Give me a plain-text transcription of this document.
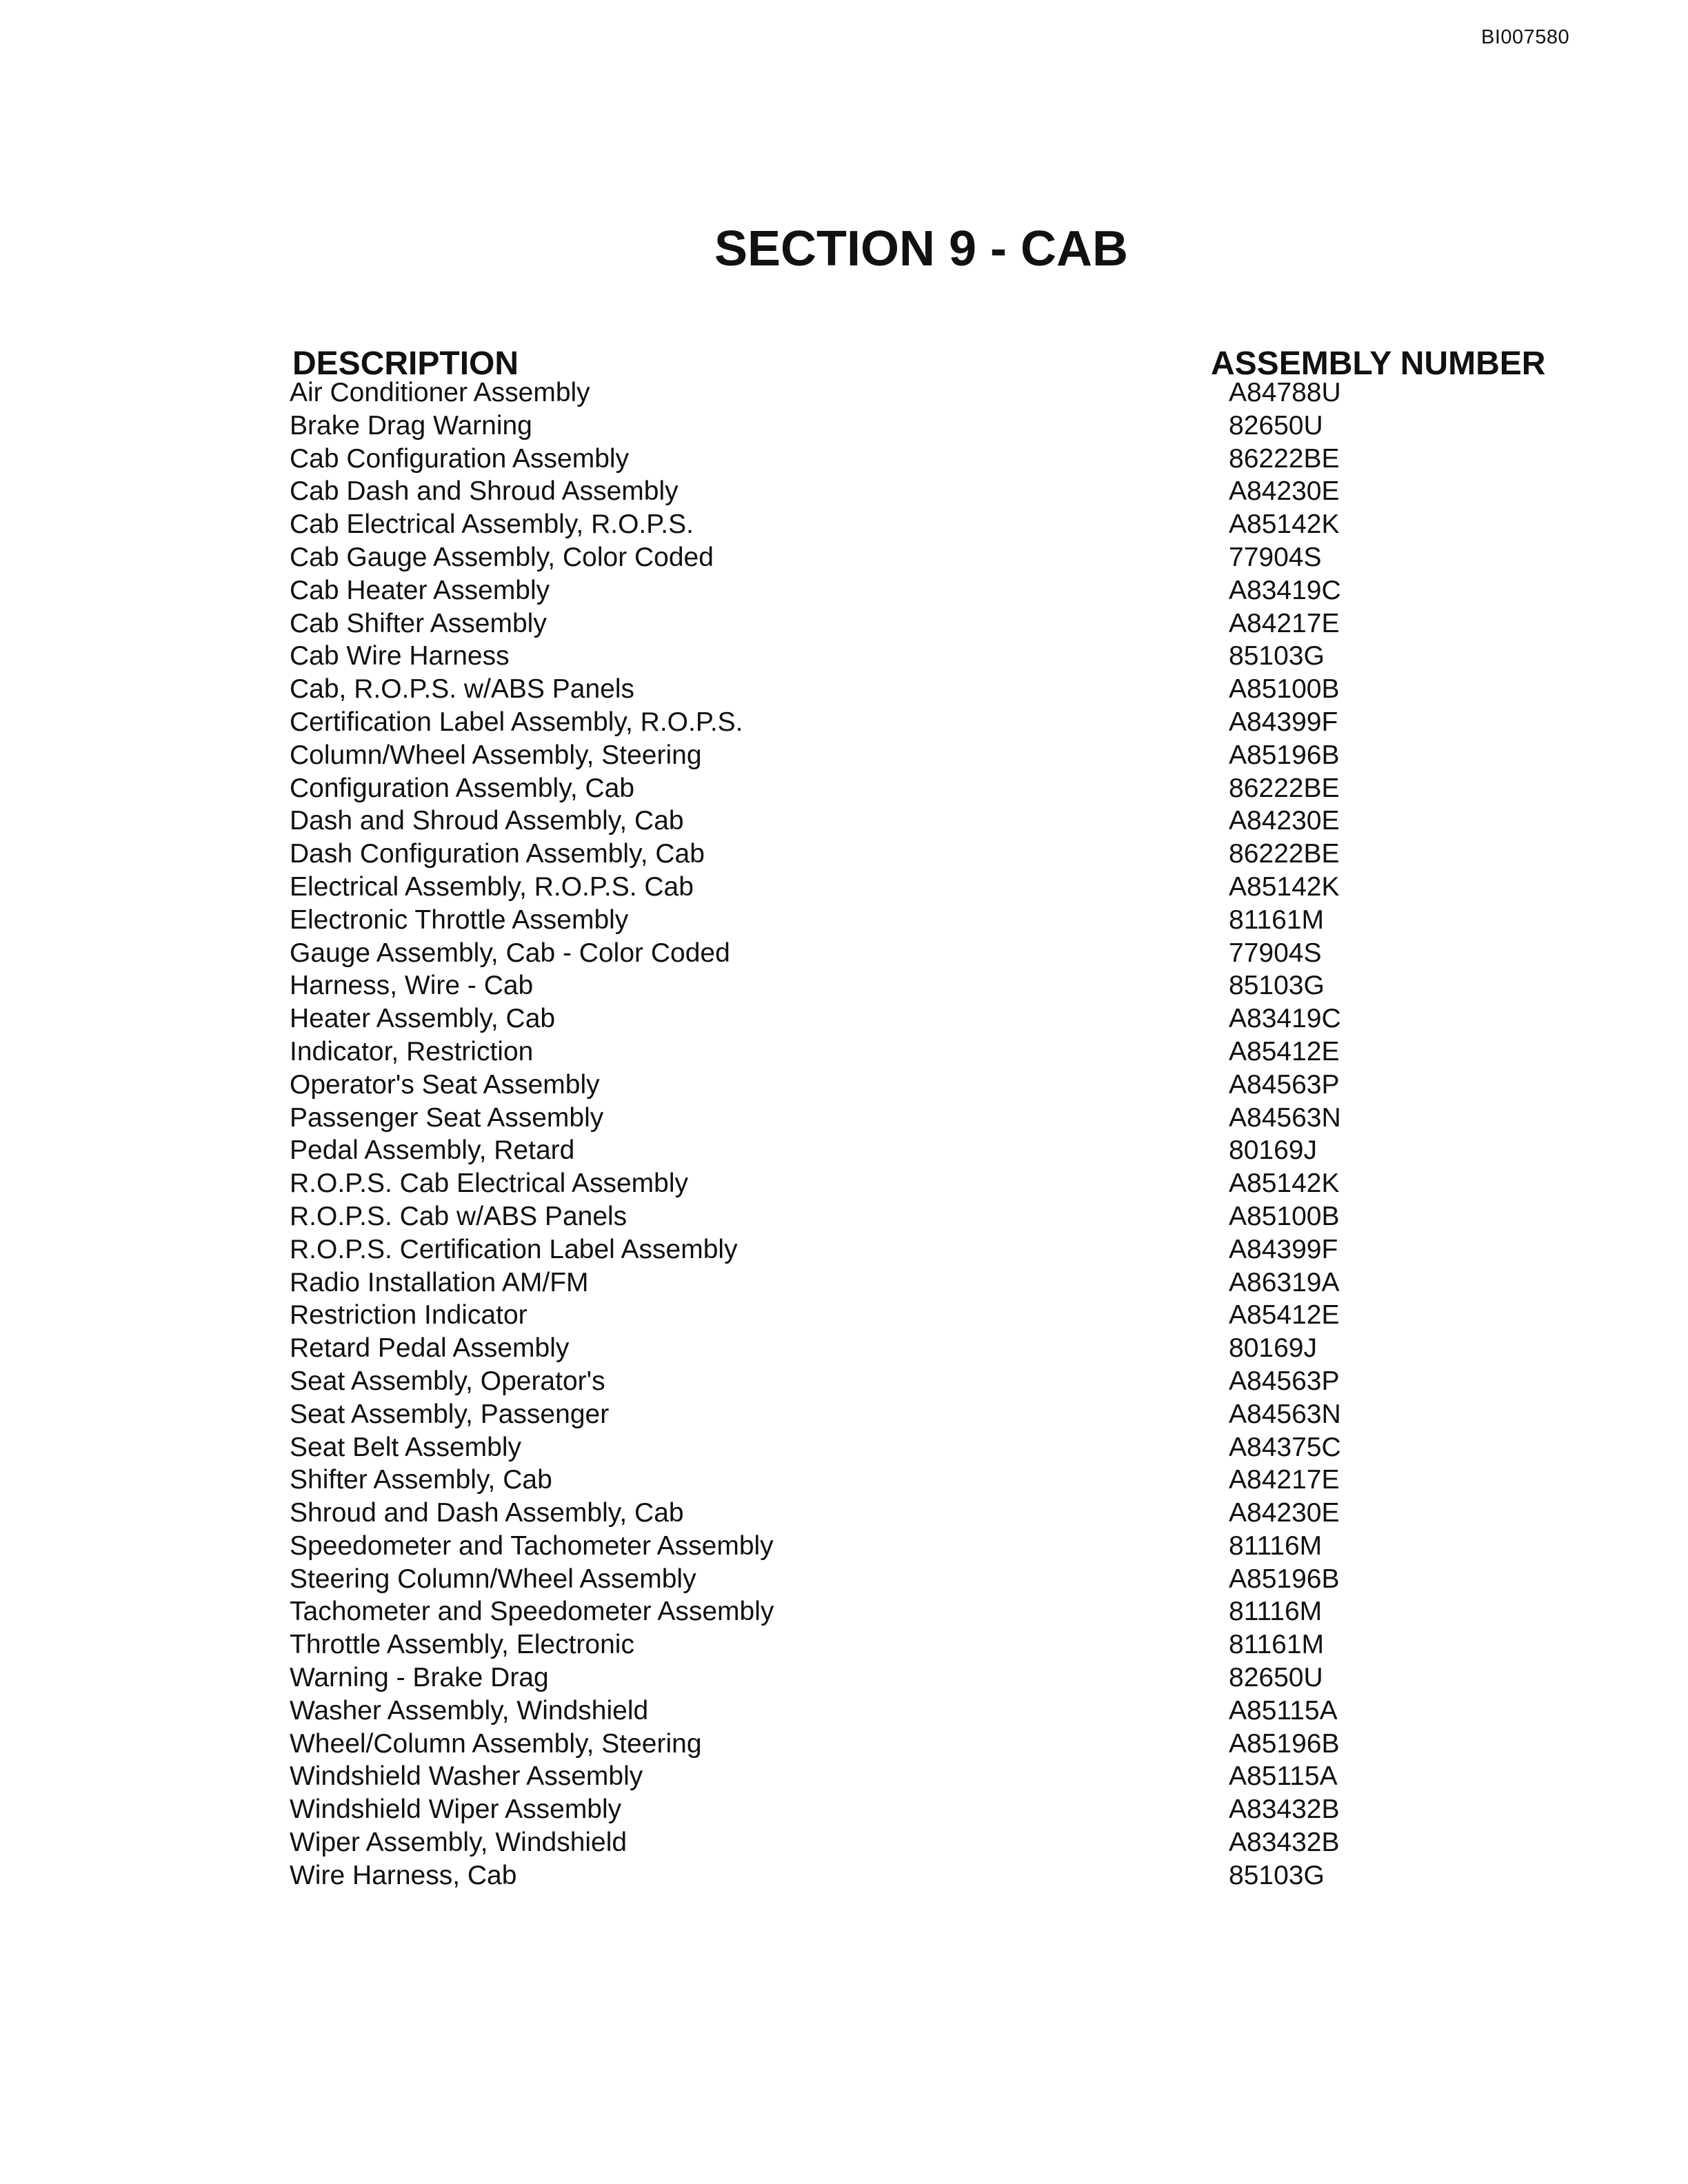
BI007580
SECTION 9 - CAB
DESCRIPTION	ASSEMBLY NUMBER
Air Conditioner Assembly	A84788U
Brake Drag Warning	82650U
Cab Configuration Assembly	86222BE
Cab Dash and Shroud Assembly	A84230E
Cab Electrical Assembly, R.O.P.S.	A85142K
Cab Gauge Assembly, Color Coded	77904S
Cab Heater Assembly	A83419C
Cab Shifter Assembly	A84217E
Cab Wire Harness	85103G
Cab, R.O.P.S. w/ABS Panels	A85100B
Certification Label Assembly, R.O.P.S.	A84399F
Column/Wheel Assembly, Steering	A85196B
Configuration Assembly, Cab	86222BE
Dash and Shroud Assembly, Cab	A84230E
Dash Configuration Assembly, Cab	86222BE
Electrical Assembly, R.O.P.S. Cab	A85142K
Electronic Throttle Assembly	81161M
Gauge Assembly, Cab - Color Coded	77904S
Harness, Wire - Cab	85103G
Heater Assembly, Cab	A83419C
Indicator, Restriction	A85412E
Operator's Seat Assembly	A84563P
Passenger Seat Assembly	A84563N
Pedal Assembly, Retard	80169J
R.O.P.S. Cab Electrical Assembly	A85142K
R.O.P.S. Cab w/ABS Panels	A85100B
R.O.P.S. Certification Label Assembly	A84399F
Radio Installation AM/FM	A86319A
Restriction Indicator	A85412E
Retard Pedal Assembly	80169J
Seat Assembly, Operator's	A84563P
Seat Assembly, Passenger	A84563N
Seat Belt Assembly	A84375C
Shifter Assembly, Cab	A84217E
Shroud and Dash Assembly, Cab	A84230E
Speedometer and Tachometer Assembly	81116M
Steering Column/Wheel Assembly	A85196B
Tachometer and Speedometer Assembly	81116M
Throttle Assembly, Electronic	81161M
Warning - Brake Drag	82650U
Washer Assembly, Windshield	A85115A
Wheel/Column Assembly, Steering	A85196B
Windshield Washer Assembly	A85115A
Windshield Wiper Assembly	A83432B
Wiper Assembly, Windshield	A83432B
Wire Harness, Cab	85103G
